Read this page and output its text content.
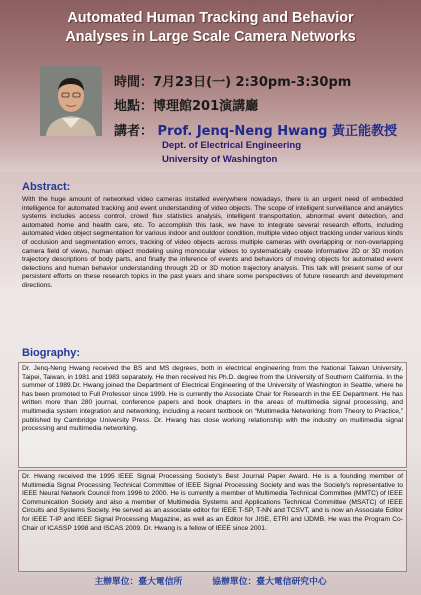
Automated Human Tracking and Behavior
Analyses in Large Scale Camera Networks
時間：7月23日(一) 2:30pm-3:30pm
地點：博理館201演講廳
講者： Prof. Jenq-Neng Hwang 黃正能教授
Dept. of Electrical Engineering
University of Washington
Abstract:

With the huge amount of networked video cameras installed everywhere nowadays, there is an urgent need of embedded intelligence for automated tracking and event understanding of video objects. The scope of intelligent surveillance and analytics systems includes access control, crowd flux statistics analysis, intelligent transportation, abnormal event detection, and automated home and health care, etc. To accomplish this task, we have to integrate several research efforts, including automated video object segmentation for various indoor and outdoor condition, multiple video object tracking under various kinds of occlusion and segmentation errors, tracking of video objects across multiple cameras with overlapping or non-overlapping camera field of views, human object modeling using monocular videos to systematically create informative 2D or 3D motion trajectory descriptions of body parts, and finally the inference of events and behaviors of moving objects for automated event detections and human behavior understanding through 2D or 3D motion trajectory analysis. This talk will present some of our persistent efforts on these research topics in the past years and share some perspectives of future research and development directions.

Biography:

Dr. Jenq-Neng Hwang received the BS and MS degrees, both in electrical engineering from the National Taiwan University, Taipei, Taiwan, in 1981 and 1983 separately. He then received his Ph.D. degree from the University of Southern California. In the summer of 1989.Dr. Hwang joined the Department of Electrical Engineering of the University of Washington in Seattle, where he has been promoted to Full Professor since 1999. He is currently the Associate Chair for Research in the EE Department. He has written more than 280 journal, conference papers and book chapters in the areas of multimedia signal processing, and multimedia system integration and networking, including a recent textbook on “Multimedia Networking: from Theory to Practice,” published by Cambridge University Press. Dr. Hwang has close working relationship with the industry on multimedia signal processing and multimedia networking.

Dr. Hwang received the 1995 IEEE Signal Processing Society's Best Journal Paper Award. He is a founding member of Multimedia Signal Processing Technical Committee of IEEE Signal Processing Society and was the Society's representative to IEEE Neural Network Council from 1996 to 2000. He is currently a member of Multimedia Technical Committee (MMTC) of IEEE Communication Society and also a member of Multimedia Systems and Applications Technical Committee (MSATC) of IEEE Circuits and Systems Society. He served as an associate editor for IEEE T-SP, T-NN and TCSVT, and is now an Associate Editor for IEEE T-IP and IEEE Signal Processing Magazine, as well as an Editor for JISE, ETRI and IJDMB. He was the Program Co-Chair of ICASSP 1998 and ISCAS 2009. Dr. Hwang is a fellow of IEEE since 2001.

主辦單位：臺大電信所	協辦單位：臺大電信研究中心
